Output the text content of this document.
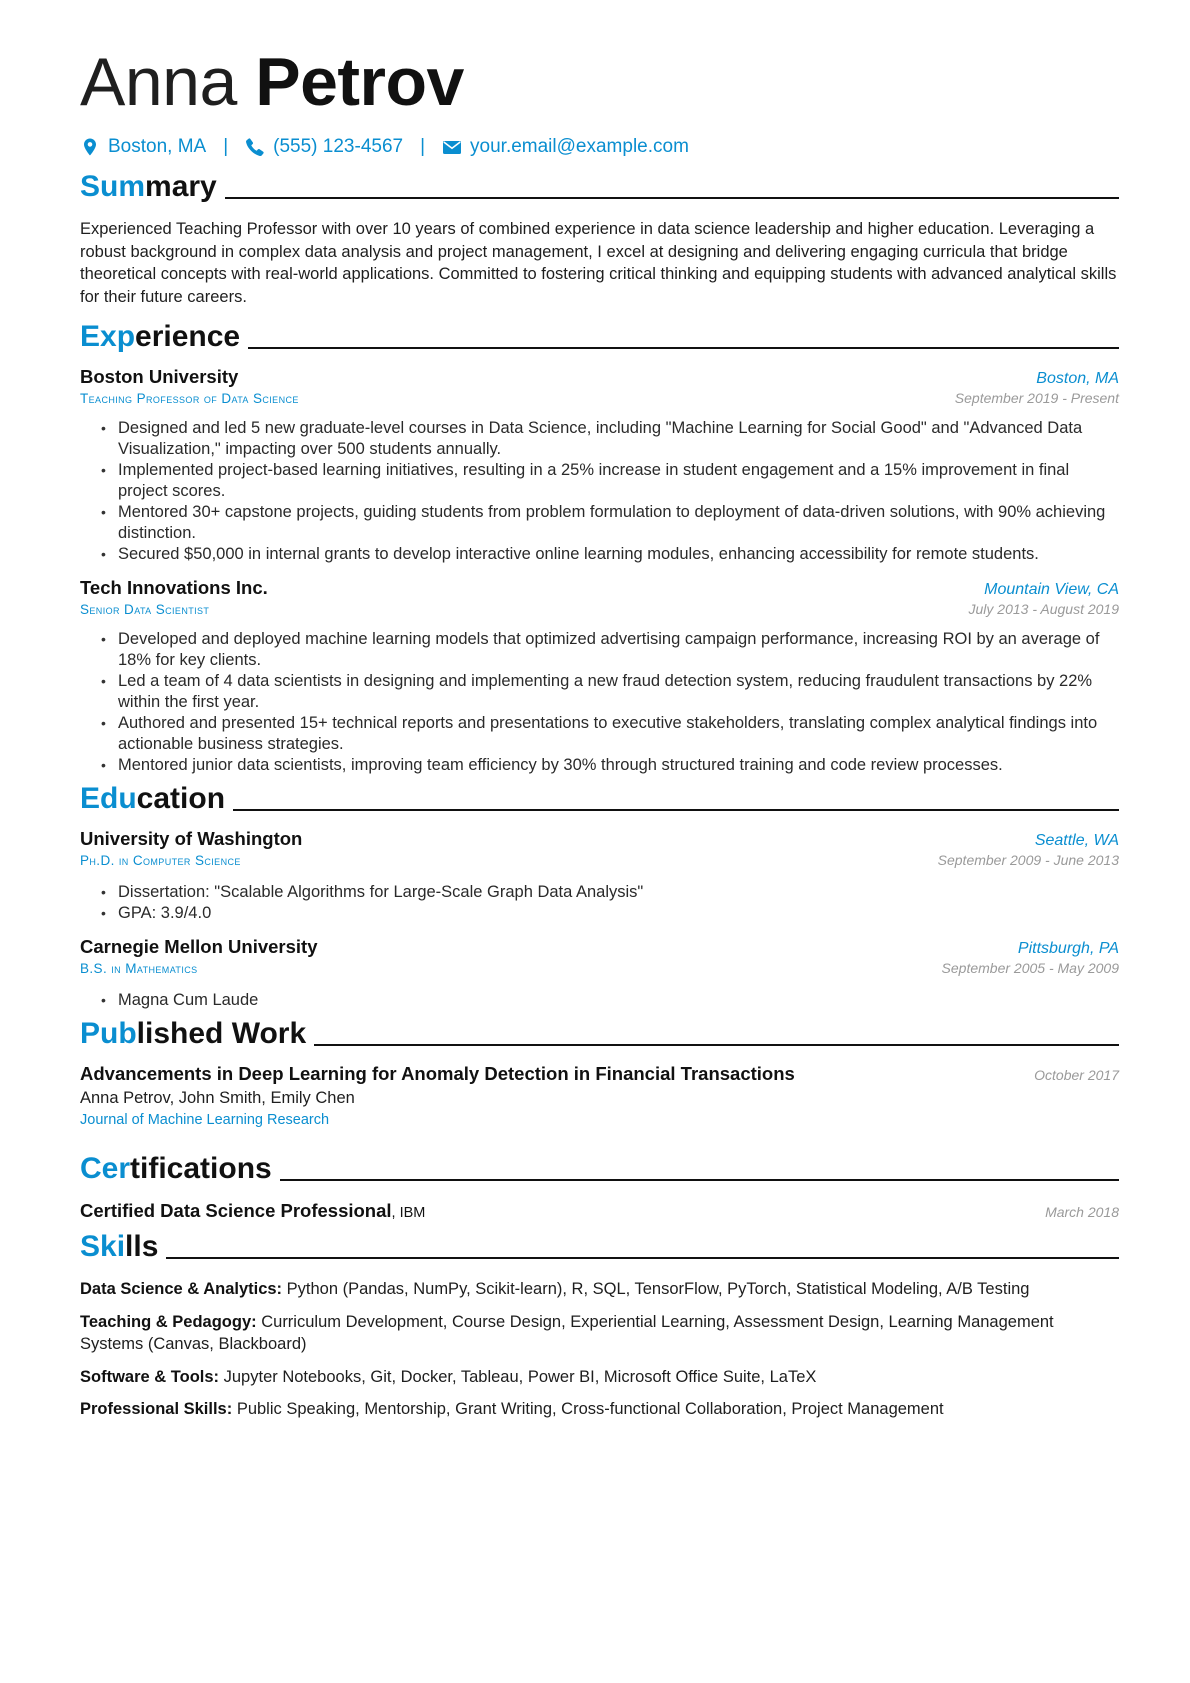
Anna Petrov
Boston, MA | (555) 123-4567 | your.email@example.com
Summary
Experienced Teaching Professor with over 10 years of combined experience in data science leadership and higher education. Leveraging a robust background in complex data analysis and project management, I excel at designing and delivering engaging curricula that bridge theoretical concepts with real-world applications. Committed to fostering critical thinking and equipping students with advanced analytical skills for their future careers.
Experience
Boston University	Boston, MA
Teaching Professor of Data Science	September 2019 - Present
• Designed and led 5 new graduate-level courses in Data Science, including "Machine Learning for Social Good" and "Advanced Data Visualization," impacting over 500 students annually.
• Implemented project-based learning initiatives, resulting in a 25% increase in student engagement and a 15% improvement in final project scores.
• Mentored 30+ capstone projects, guiding students from problem formulation to deployment of data-driven solutions, with 90% achieving distinction.
• Secured $50,000 in internal grants to develop interactive online learning modules, enhancing accessibility for remote students.
Tech Innovations Inc.	Mountain View, CA
Senior Data Scientist	July 2013 - August 2019
• Developed and deployed machine learning models that optimized advertising campaign performance, increasing ROI by an average of 18% for key clients.
• Led a team of 4 data scientists in designing and implementing a new fraud detection system, reducing fraudulent transactions by 22% within the first year.
• Authored and presented 15+ technical reports and presentations to executive stakeholders, translating complex analytical findings into actionable business strategies.
• Mentored junior data scientists, improving team efficiency by 30% through structured training and code review processes.
Education
University of Washington	Seattle, WA
Ph.D. in Computer Science	September 2009 - June 2013
• Dissertation: "Scalable Algorithms for Large-Scale Graph Data Analysis"
• GPA: 3.9/4.0
Carnegie Mellon University	Pittsburgh, PA
B.S. in Mathematics	September 2005 - May 2009
• Magna Cum Laude
Published Work
Advancements in Deep Learning for Anomaly Detection in Financial Transactions	October 2017
Anna Petrov, John Smith, Emily Chen
Journal of Machine Learning Research
Certifications
Certified Data Science Professional, IBM	March 2018
Skills
Data Science & Analytics: Python (Pandas, NumPy, Scikit-learn), R, SQL, TensorFlow, PyTorch, Statistical Modeling, A/B Testing
Teaching & Pedagogy: Curriculum Development, Course Design, Experiential Learning, Assessment Design, Learning Management Systems (Canvas, Blackboard)
Software & Tools: Jupyter Notebooks, Git, Docker, Tableau, Power BI, Microsoft Office Suite, LaTeX
Professional Skills: Public Speaking, Mentorship, Grant Writing, Cross-functional Collaboration, Project Management
